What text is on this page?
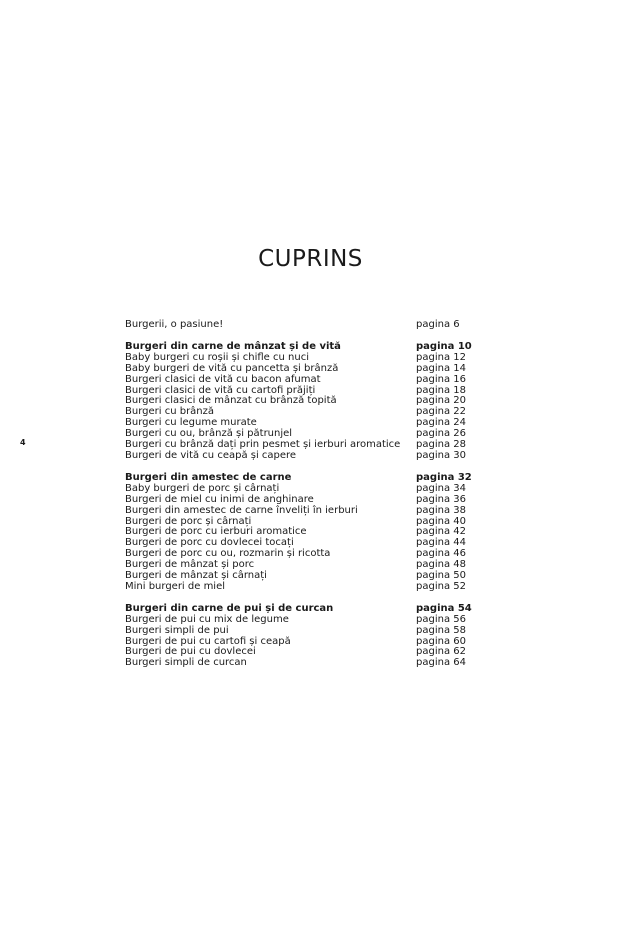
CUPRINS
4
Burgerii, o pasiune!	pagina 6
Burgeri din carne de mânzat și de vită	pagina 10
Baby burgeri cu roșii și chifle cu nuci	pagina 12
Baby burgeri de vită cu pancetta și brânză	pagina 14
Burgeri clasici de vită cu bacon afumat	pagina 16
Burgeri clasici de vită cu cartofi prăjiți	pagina 18
Burgeri clasici de mânzat cu brânză topită	pagina 20
Burgeri cu brânză	pagina 22
Burgeri cu legume murate	pagina 24
Burgeri cu ou, brânză și pătrunjel	pagina 26
Burgeri cu brânză dați prin pesmet și ierburi aromatice pagina 28
Burgeri de vită cu ceapă și capere	pagina 30
Burgeri din amestec de carne	pagina 32
Baby burgeri de porc și cârnați	pagina 34
Burgeri de miel cu inimi de anghinare	pagina 36
Burgeri din amestec de carne înveliți în ierburi	pagina 38
Burgeri de porc și cârnați	pagina 40
Burgeri de porc cu ierburi aromatice	pagina 42
Burgeri de porc cu dovlecei tocați	pagina 44
Burgeri de porc cu ou, rozmarin și ricotta	pagina 46
Burgeri de mânzat și porc	pagina 48
Burgeri de mânzat și cârnați	pagina 50
Mini burgeri de miel	pagina 52
Burgeri din carne de pui și de curcan	pagina 54
Burgeri de pui cu mix de legume	pagina 56
Burgeri simpli de pui	pagina 58
Burgeri de pui cu cartofi și ceapă	pagina 60
Burgeri de pui cu dovlecei	pagina 62
Burgeri simpli de curcan	pagina 64
